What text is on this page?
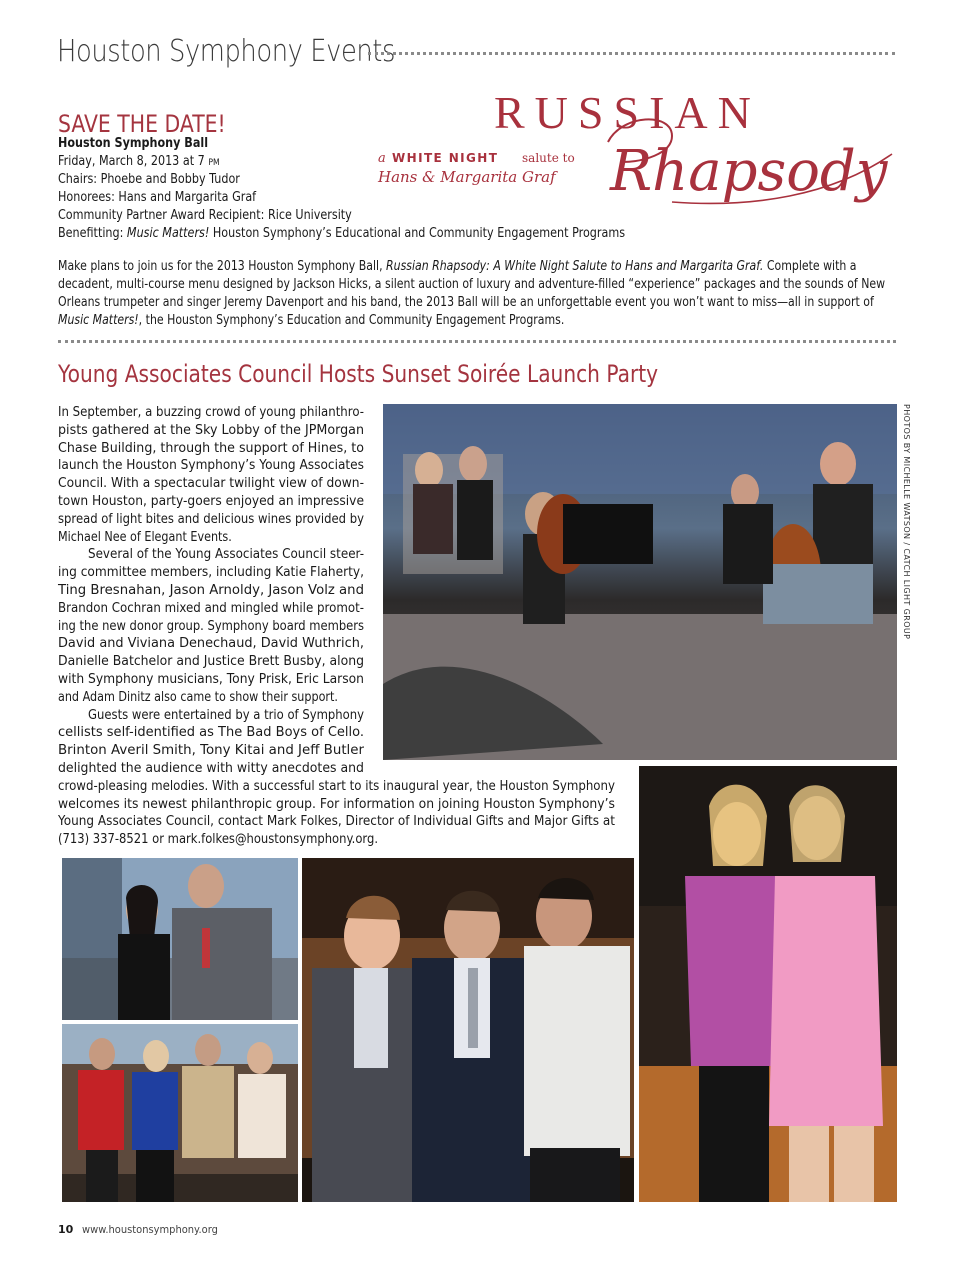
Houston Symphony Events
SAVE THE DATE!
Houston Symphony Ball
Friday, March 8, 2013 at 7 PM
Chairs: Phoebe and Bobby Tudor
Honorees: Hans and Margarita Graf
Community Partner Award Recipient: Rice University
Benefitting: Music Matters! Houston Symphony’s Educational and Community Engagement Programs
Make plans to join us for the 2013 Houston Symphony Ball, Russian Rhapsody: A White Night Salute to Hans and Margarita Graf. Complete with a decadent, multi-course menu designed by Jackson Hicks, a silent auction of luxury and adventure-filled “experience” packages and the sounds of New Orleans trumpeter and singer Jeremy Davenport and his band, the 2013 Ball will be an unforgettable event you won’t want to miss—all in support of Music Matters!, the Houston Symphony’s Education and Community Engagement Programs.
RUSSIAN
Rhapsody
a WHITE NIGHT salute to
Hans & Margarita Graf
Young Associates Council Hosts Sunset Soirée Launch Party
In September, a buzzing crowd of young philanthro-
pists gathered at the Sky Lobby of the JPMorgan
Chase Building, through the support of Hines, to
launch the Houston Symphony’s Young Associates
Council. With a spectacular twilight view of down-
town Houston, party-goers enjoyed an impressive
spread of light bites and delicious wines provided by
Michael Nee of Elegant Events.
Several of the Young Associates Council steer-
ing committee members, including Katie Flaherty,
Ting Bresnahan, Jason Arnoldy, Jason Volz and
Brandon Cochran mixed and mingled while promot-
ing the new donor group. Symphony board members
David and Viviana Denechaud, David Wuthrich,
Danielle Batchelor and Justice Brett Busby, along
with Symphony musicians, Tony Prisk, Eric Larson
and Adam Dinitz also came to show their support.
Guests were entertained by a trio of Symphony
cellists self-identified as The Bad Boys of Cello.
Brinton Averil Smith, Tony Kitai and Jeff Butler
delighted the audience with witty anecdotes and
crowd-pleasing melodies. With a successful start to its inaugural year, the Houston Symphony
welcomes its newest philanthropic group. For information on joining Houston Symphony’s
Young Associates Council, contact Mark Folkes, Director of Individual Gifts and Major Gifts at
(713) 337-8521 or mark.folkes@houstonsymphony.org.
PHOTOS BY MICHELLE WATSON / CATCH LIGHT GROUP
10 www.houstonsymphony.org
